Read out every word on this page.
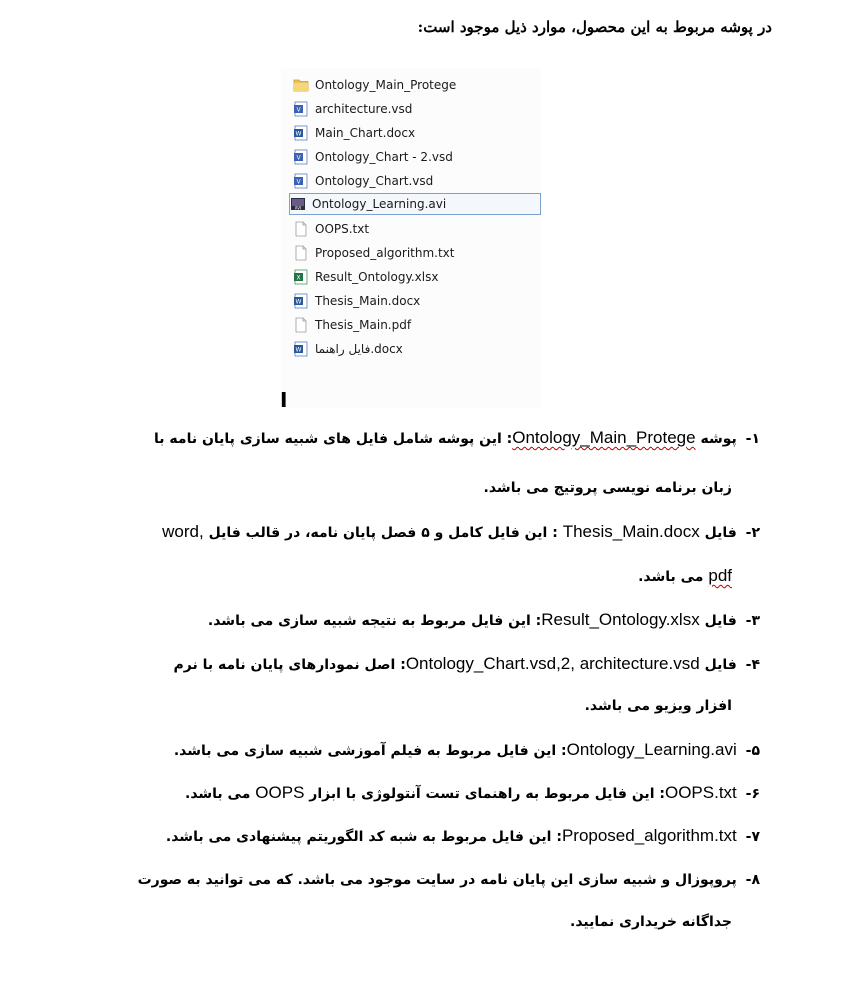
در پوشه مربوط به این محصول، موارد ذیل موجود است:
Ontology_Main_Protege
V architecture.vsd
W Main_Chart.docx
V Ontology_Chart - 2.vsd
V Ontology_Chart.vsd
AVI Ontology_Learning.avi
OOPS.txt
Proposed_algorithm.txt
X Result_Ontology.xlsx
W Thesis_Main.docx
Thesis_Main.pdf
W فایل راهنما.docx
I
۱- پوشه Ontology_Main_Protege: این پوشه شامل فایل های شبیه سازی پایان نامه با
زبان برنامه نویسی پروتیج می باشد.
۲- فایل Thesis_Main.docx : این فایل کامل و ۵ فصل پایان نامه، در قالب فایل word,
pdf می باشد.
۳- فایل Result_Ontology.xlsx: این فایل مربوط به نتیجه شبیه سازی می باشد.
۴- فایل Ontology_Chart.vsd,2, architecture.vsd: اصل نمودارهای پایان نامه با نرم
افزار ویزیو می باشد.
۵- Ontology_Learning.avi: این فایل مربوط به فیلم آموزشی شبیه سازی می باشد.
۶- OOPS.txt: این فایل مربوط به راهنمای تست آنتولوژی با ابزار OOPS می باشد.
۷- Proposed_algorithm.txt: این فایل مربوط به شبه کد الگوریتم پیشنهادی می باشد.
۸- پروپوزال و شبیه سازی این پایان نامه در سایت موجود می باشد. که می توانید به صورت
جداگانه خریداری نمایید.
